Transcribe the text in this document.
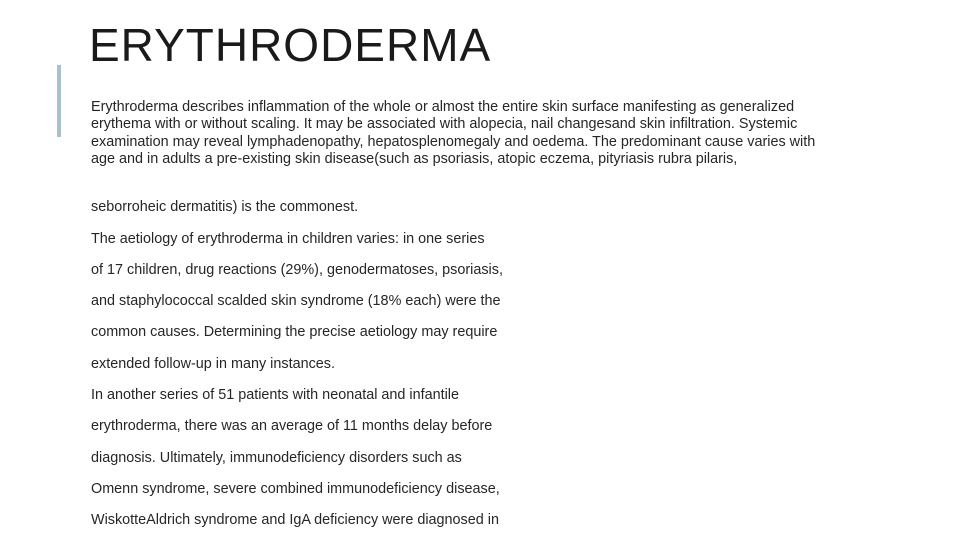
ERYTHRODERMA

Erythroderma describes inflammation of the whole or almost the entire skin surface manifesting as generalized erythema with or without scaling. It may be associated with alopecia, nail changesand skin infiltration. Systemic examination may reveal lymphadenopathy, hepatosplenomegaly and oedema. The predominant cause varies with age and in adults a pre-existing skin disease(such as psoriasis, atopic eczema, pityriasis rubra pilaris,

seborroheic dermatitis) is the commonest.

The aetiology of erythroderma in children varies: in one series

of 17 children, drug reactions (29%), genodermatoses, psoriasis,

and staphylococcal scalded skin syndrome (18% each) were the

common causes. Determining the precise aetiology may require

extended follow-up in many instances.

In another series of 51 patients with neonatal and infantile

erythroderma, there was an average of 11 months delay before

diagnosis. Ultimately, immunodeficiency disorders such as

Omenn syndrome, severe combined immunodeficiency disease,

WiskotteAldrich syndrome and IgA deficiency were diagnosed in
